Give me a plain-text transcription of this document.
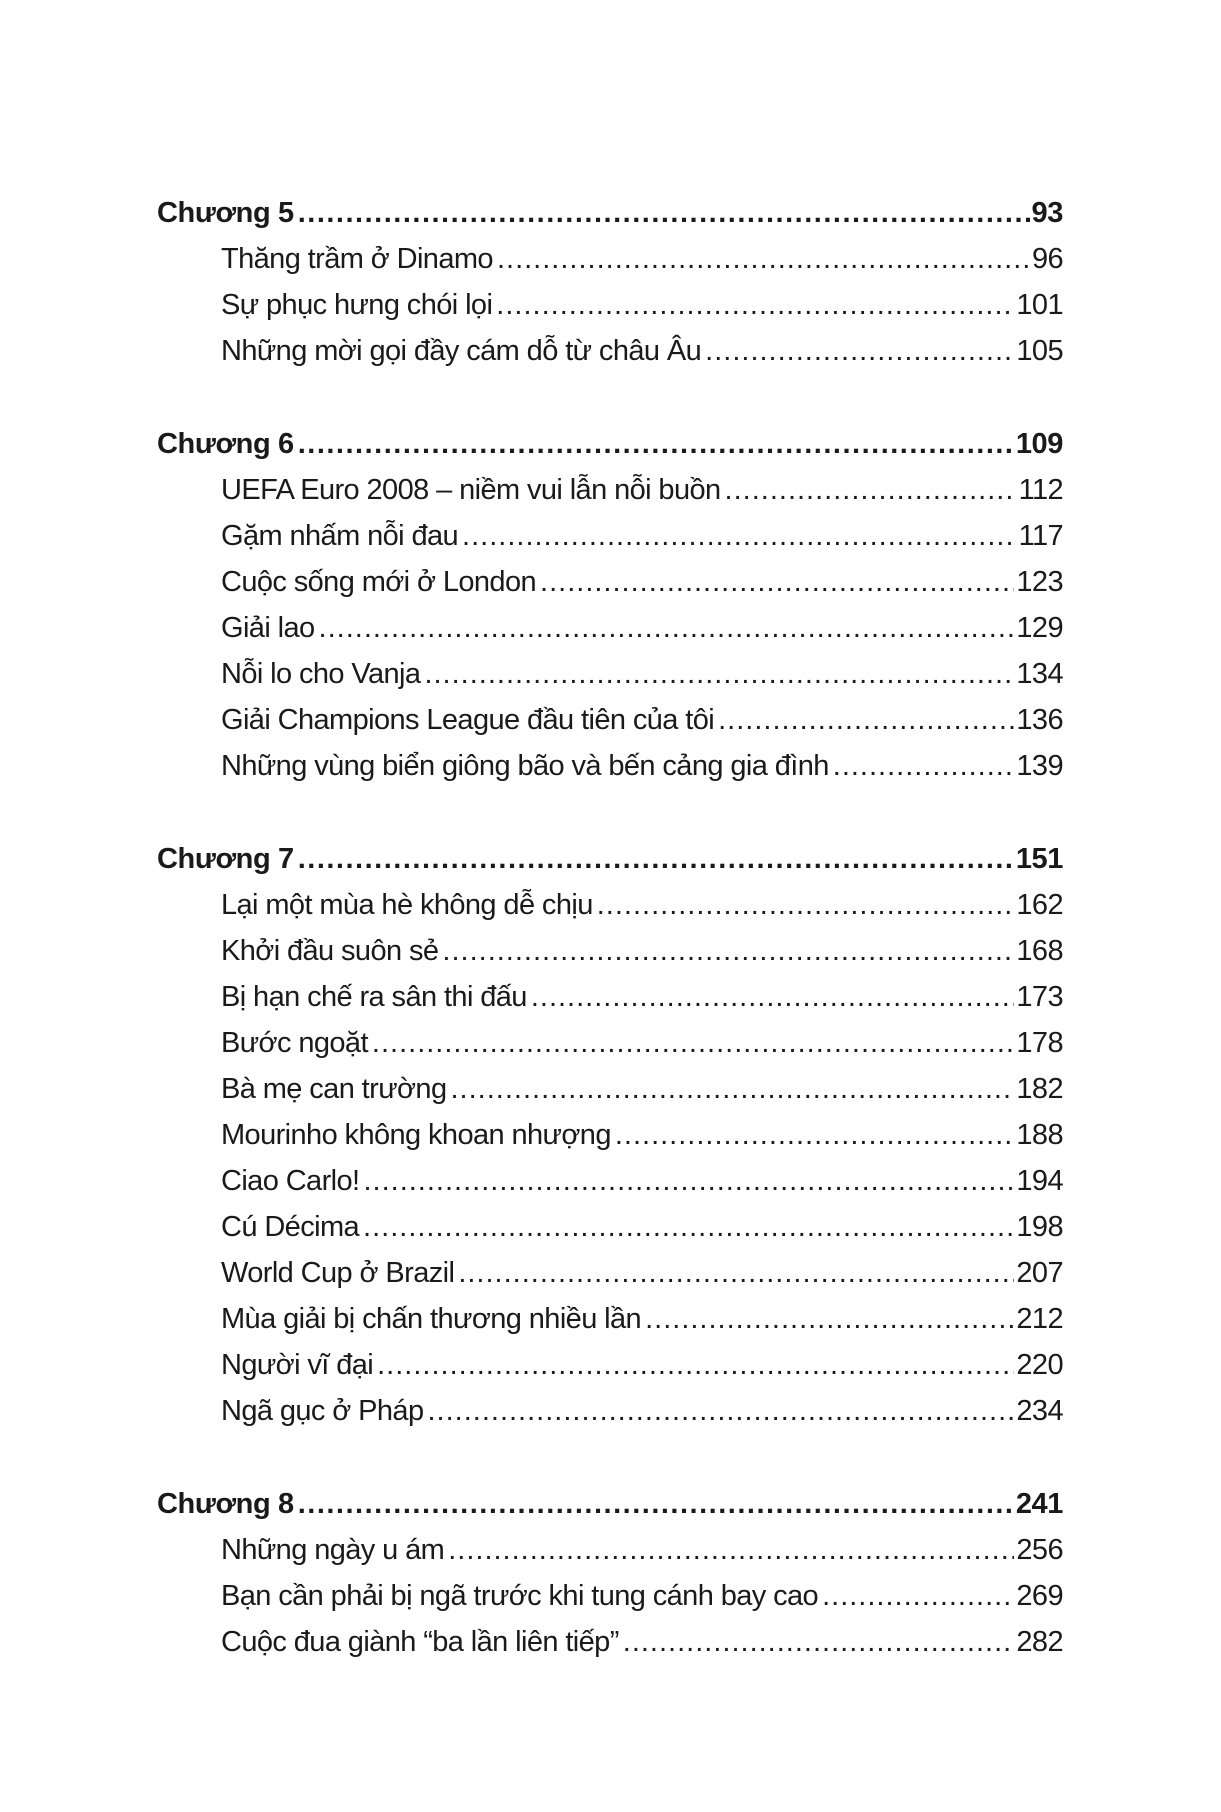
Chương 5 .....	93
Thăng trầm ở Dinamo .....	96
Sự phục hưng chói lọi .....	101
Những mời gọi đầy cám dỗ từ châu Âu .....	105
Chương 6 .....	109
UEFA Euro 2008 – niềm vui lẫn nỗi buồn .....	112
Gặm nhấm nỗi đau .....	117
Cuộc sống mới ở London .....	123
Giải lao .....	129
Nỗi lo cho Vanja .....	134
Giải Champions League đầu tiên của tôi .....	136
Những vùng biển giông bão và bến cảng gia đình .....	139
Chương 7 .....	151
Lại một mùa hè không dễ chịu .....	162
Khởi đầu suôn sẻ .....	168
Bị hạn chế ra sân thi đấu .....	173
Bước ngoặt .....	178
Bà mẹ can trường .....	182
Mourinho không khoan nhượng .....	188
Ciao Carlo! .....	194
Cú Décima .....	198
World Cup ở Brazil .....	207
Mùa giải bị chấn thương nhiều lần .....	212
Người vĩ đại .....	220
Ngã gục ở Pháp .....	234
Chương 8 .....	241
Những ngày u ám .....	256
Bạn cần phải bị ngã trước khi tung cánh bay cao .....	269
Cuộc đua giành “ba lần liên tiếp” .....	282
